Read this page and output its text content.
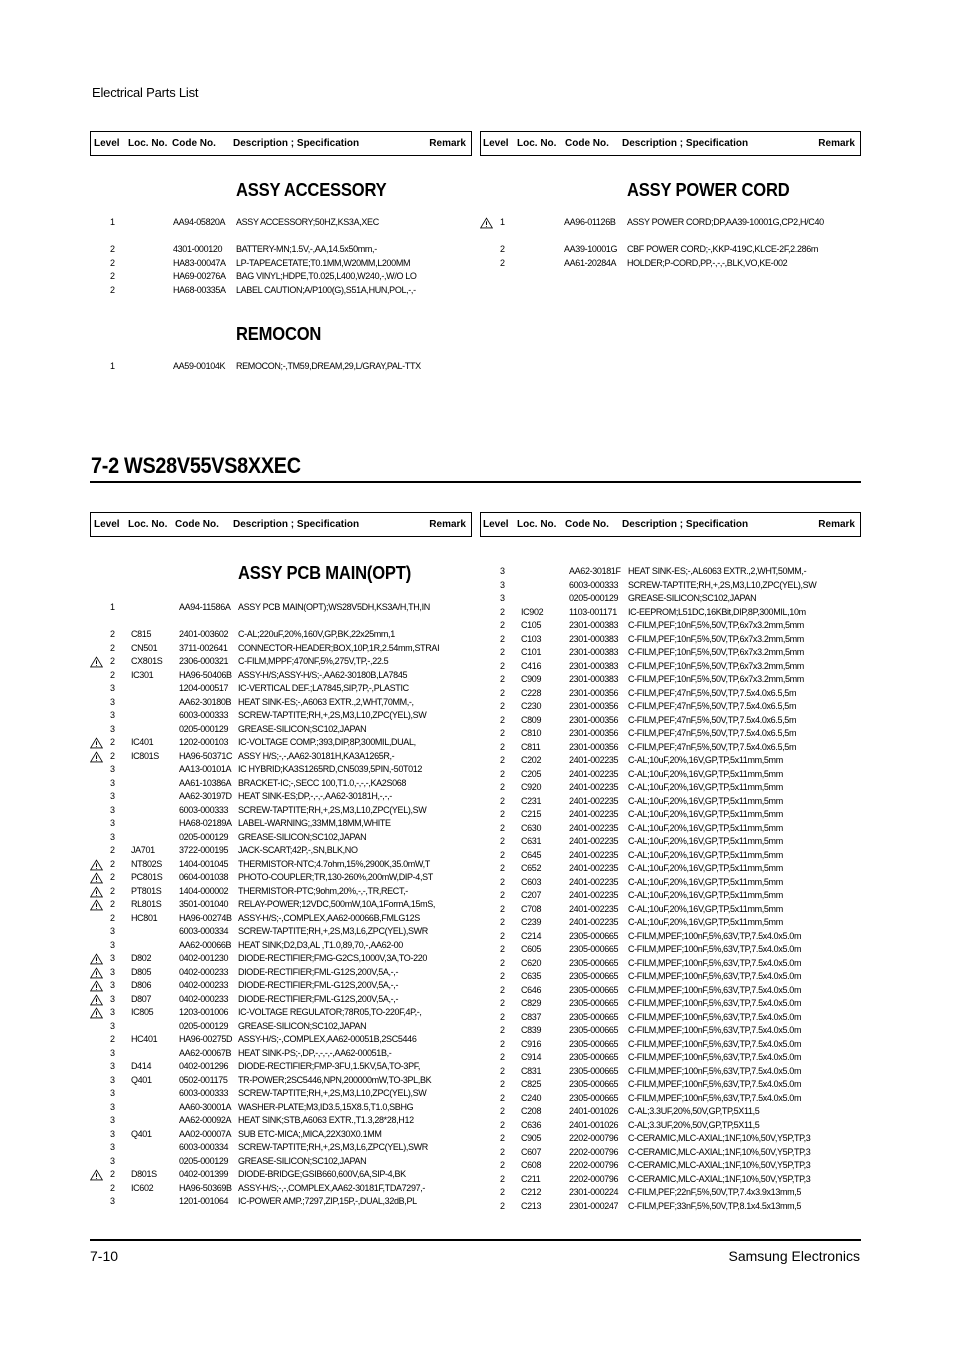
Electrical Parts List
Level Loc. No. Code No. Description ; Specification	Remark Level Loc. No. Code No. Description ; Specification	Remark
ASSY ACCESSORY	ASSY POWER CORD
REMOCON
1	AA94-05820A ASSY ACCESSORY;50HZ,KS3A,XEC
2	4301-000120 BATTERY-MN;1.5V,-,AA,14.5x50mm,-
2	HA83-00047A LP-TAPEACETATE;T0.1MM,W20MM,L200MM
2	HA69-00276A BAG VINYL;HDPE,T0.025,L400,W240,-,W/O LO
2	HA68-00335A LABEL CAUTION;A/P100(G),S51A,HUN,POL,-,-
1	AA96-01126B ASSY POWER CORD;DP,AA39-10001G,CP2,H/C40
2	AA39-10001G CBF POWER CORD;-,KKP-419C,KLCE-2F,2.286m
2	AA61-20284A HOLDER;P-CORD,PP,-,-,-,BLK,VO,KE-002
1	AA59-00104K REMOCON;-,TM59,DREAM,29,L/GRAY,PAL-TTX
7-2 WS28V55VS8XXEC
Level Loc. No. Code No. Description ; Specification	Remark Level Loc. No. Code No. Description ; Specification	Remark
ASSY PCB MAIN(OPT)
1	AA94-11586A ASSY PCB MAIN(OPT);WS28V5DH,KS3A/H,TH,IN
2 C815	2401-003602 C-AL;220uF,20%,160V,GP,BK,22x25mm,1
2 CN501 3711-002641 CONNECTOR-HEADER;BOX,10P,1R,2.54mm,STRAI
2 CX801S 2306-000321 C-FILM,MPPF;470NF,5%,275V,TP,-,22.5
2 IC301	HA96-50406B ASSY-H/S;ASSY-H/S;-,AA62-30180B,LA7845
3	1204-000517 IC-VERTICAL DEF.;LA7845,SIP,7P,-,PLASTIC
3	AA62-30180B HEAT SINK-ES;-,A6063 EXTR.,2,WHT,70MM,-,
3	6003-000333 SCREW-TAPTITE;RH,+,2S,M3,L10,ZPC(YEL),SW
3	0205-000129 GREASE-SILICON;SC102,JAPAN
2 IC401	1202-000103 IC-VOLTAGE COMP.;393,DIP,8P,300MIL,DUAL,
2 IC801S HA96-50371C ASSY H/S;-,-,AA62-30181H,KA3A1265R,-
3	AA13-00101A IC HYBRID;KA3S1265RD,CN5039,5PIN,-50T012
3	AA61-10386A BRACKET-IC;-,SECC 100,T1.0,-,-,-,KA2S068
3	AA62-30197D HEAT SINK-ES;DP,-,-,-,AA62-30181H,-,-,-
3	6003-000333 SCREW-TAPTITE;RH,+,2S,M3,L10,ZPC(YEL),SW
3	HA68-02189A LABEL-WARNING;,33MM,18MM,WHITE
3	0205-000129 GREASE-SILICON;SC102,JAPAN
2 JA701	3722-000195 JACK-SCART;42P,-,SN,BLK,NO
2 NT802S 1404-001045 THERMISTOR-NTC;4.7ohm,15%,2900K,35.0mW,T
2 PC801S 0604-001038 PHOTO-COUPLER;TR,130-260%,200mW,DIP-4,ST
2 PT801S 1404-000002 THERMISTOR-PTC;9ohm,20%,-,-,TR,RECT,-
2 RL801S 3501-001040 RELAY-POWER;12VDC,500mW,10A,1FormA,15mS,
2 HC801 HA96-00274B ASSY-H/S;-,COMPLEX,AA62-00066B,FMLG12S
3	6003-000334 SCREW-TAPTITE;RH,+,2S,M3,L6,ZPC(YEL),SWR
3	AA62-00066B HEAT SINK;D2,D3,AL ,T1.0,89,70,-,AA62-00
3 D802	0402-001230 DIODE-RECTIFIER;FMG-G2CS,1000V,3A,TO-220
3 D805	0402-000233 DIODE-RECTIFIER;FML-G12S,200V,5A,-,-
3 D806	0402-000233 DIODE-RECTIFIER;FML-G12S,200V,5A,-,-
3 D807	0402-000233 DIODE-RECTIFIER;FML-G12S,200V,5A,-,-
3 IC805	1203-001006 IC-VOLTAGE REGULATOR;78R05,TO-220F,4P,-,
3	0205-000129 GREASE-SILICON;SC102,JAPAN
2 HC401 HA96-00275D ASSY-H/S;-,COMPLEX,AA62-00051B,2SC5446
3	AA62-00067B HEAT SINK-PS;-,DP,-,-,-,-,AA62-00051B,-
3 D414	0402-001296 DIODE-RECTIFIER;FMP-3FU,1.5KV,5A,TO-3PF,
3 Q401	0502-001175 TR-POWER;2SC5446,NPN,200000mW,TO-3PL,BK
3	6003-000333 SCREW-TAPTITE;RH,+,2S,M3,L10,ZPC(YEL),SW
3	AA60-30001A WASHER-PLATE;M3,ID3.5,15X8.5,T1.0,SBHG
3	AA62-00092A HEAT SINK;STB,A6063 EXTR.,T1.3,28*28,H12
3 Q401	AA02-00007A SUB ETC-MICA;,MICA,22X30X0.1MM
3	6003-000334 SCREW-TAPTITE;RH,+,2S,M3,L6,ZPC(YEL),SWR
3	0205-000129 GREASE-SILICON;SC102,JAPAN
2 D801S 0402-001399 DIODE-BRIDGE;GSIB660,600V,6A,SIP-4,BK
2 IC602	HA96-50369B ASSY-H/S;-,-,COMPLEX,AA62-30181F,TDA7297,-
3	1201-001064 IC-POWER AMP.;7297,ZIP,15P,-,DUAL,32dB,PL
3	AA62-30181F HEAT SINK-ES;-,AL6063 EXTR.,2,WHT,50MM,-
3	6003-000333 SCREW-TAPTITE;RH,+,2S,M3,L10,ZPC(YEL),SW
3	0205-000129 GREASE-SILICON;SC102,JAPAN
2 IC902	1103-001171 IC-EEPROM;L51DC,16KBit,DIP,8P,300MIL,10m
2 C105	2301-000383 C-FILM,PEF;10nF,5%,50V,TP,6x7x3.2mm,5mm
2 C103	2301-000383 C-FILM,PEF;10nF,5%,50V,TP,6x7x3.2mm,5mm
2 C101	2301-000383 C-FILM,PEF;10nF,5%,50V,TP,6x7x3.2mm,5mm
2 C416	2301-000383 C-FILM,PEF;10nF,5%,50V,TP,6x7x3.2mm,5mm
2 C909	2301-000383 C-FILM,PEF;10nF,5%,50V,TP,6x7x3.2mm,5mm
2 C228	2301-000356 C-FILM,PEF;47nF,5%,50V,TP,7.5x4.0x6.5,5m
2 C230	2301-000356 C-FILM,PEF;47nF,5%,50V,TP,7.5x4.0x6.5,5m
2 C809	2301-000356 C-FILM,PEF;47nF,5%,50V,TP,7.5x4.0x6.5,5m
2 C810	2301-000356 C-FILM,PEF;47nF,5%,50V,TP,7.5x4.0x6.5,5m
2 C811	2301-000356 C-FILM,PEF;47nF,5%,50V,TP,7.5x4.0x6.5,5m
2 C202	2401-002235 C-AL;10uF,20%,16V,GP,TP,5x11mm,5mm
2 C205	2401-002235 C-AL;10uF,20%,16V,GP,TP,5x11mm,5mm
2 C920	2401-002235 C-AL;10uF,20%,16V,GP,TP,5x11mm,5mm
2 C231	2401-002235 C-AL;10uF,20%,16V,GP,TP,5x11mm,5mm
2 C215	2401-002235 C-AL;10uF,20%,16V,GP,TP,5x11mm,5mm
2 C630	2401-002235 C-AL;10uF,20%,16V,GP,TP,5x11mm,5mm
2 C631	2401-002235 C-AL;10uF,20%,16V,GP,TP,5x11mm,5mm
2 C645	2401-002235 C-AL;10uF,20%,16V,GP,TP,5x11mm,5mm
2 C652	2401-002235 C-AL;10uF,20%,16V,GP,TP,5x11mm,5mm
2 C603	2401-002235 C-AL;10uF,20%,16V,GP,TP,5x11mm,5mm
2 C207	2401-002235 C-AL;10uF,20%,16V,GP,TP,5x11mm,5mm
2 C708	2401-002235 C-AL;10uF,20%,16V,GP,TP,5x11mm,5mm
2 C239	2401-002235 C-AL;10uF,20%,16V,GP,TP,5x11mm,5mm
2 C214	2305-000665 C-FILM,MPEF;100nF,5%,63V,TP,7.5x4.0x5.0m
2 C605	2305-000665 C-FILM,MPEF;100nF,5%,63V,TP,7.5x4.0x5.0m
2 C620	2305-000665 C-FILM,MPEF;100nF,5%,63V,TP,7.5x4.0x5.0m
2 C635	2305-000665 C-FILM,MPEF;100nF,5%,63V,TP,7.5x4.0x5.0m
2 C646	2305-000665 C-FILM,MPEF;100nF,5%,63V,TP,7.5x4.0x5.0m
2 C829	2305-000665 C-FILM,MPEF;100nF,5%,63V,TP,7.5x4.0x5.0m
2 C837	2305-000665 C-FILM,MPEF;100nF,5%,63V,TP,7.5x4.0x5.0m
2 C839	2305-000665 C-FILM,MPEF;100nF,5%,63V,TP,7.5x4.0x5.0m
2 C916	2305-000665 C-FILM,MPEF;100nF,5%,63V,TP,7.5x4.0x5.0m
2 C914	2305-000665 C-FILM,MPEF;100nF,5%,63V,TP,7.5x4.0x5.0m
2 C831	2305-000665 C-FILM,MPEF;100nF,5%,63V,TP,7.5x4.0x5.0m
2 C825	2305-000665 C-FILM,MPEF;100nF,5%,63V,TP,7.5x4.0x5.0m
2 C240	2305-000665 C-FILM,MPEF;100nF,5%,63V,TP,7.5x4.0x5.0m
2 C208	2401-001026 C-AL;3.3UF,20%,50V,GP,TP,5X11,5
2 C636	2401-001026 C-AL;3.3UF,20%,50V,GP,TP,5X11,5
2 C905	2202-000796 C-CERAMIC,MLC-AXIAL;1NF,10%,50V,Y5P,TP,3
2 C607	2202-000796 C-CERAMIC,MLC-AXIAL;1NF,10%,50V,Y5P,TP,3
2 C608	2202-000796 C-CERAMIC,MLC-AXIAL;1NF,10%,50V,Y5P,TP,3
2 C211	2202-000796 C-CERAMIC,MLC-AXIAL;1NF,10%,50V,Y5P,TP,3
2 C212	2301-000224 C-FILM,PEF;22nF,5%,50V,TP,7.4x3.9x13mm,5
2 C213	2301-000247 C-FILM,PEF;33nF,5%,50V,TP,8.1x4.5x13mm,5
7-10	Samsung Electronics
